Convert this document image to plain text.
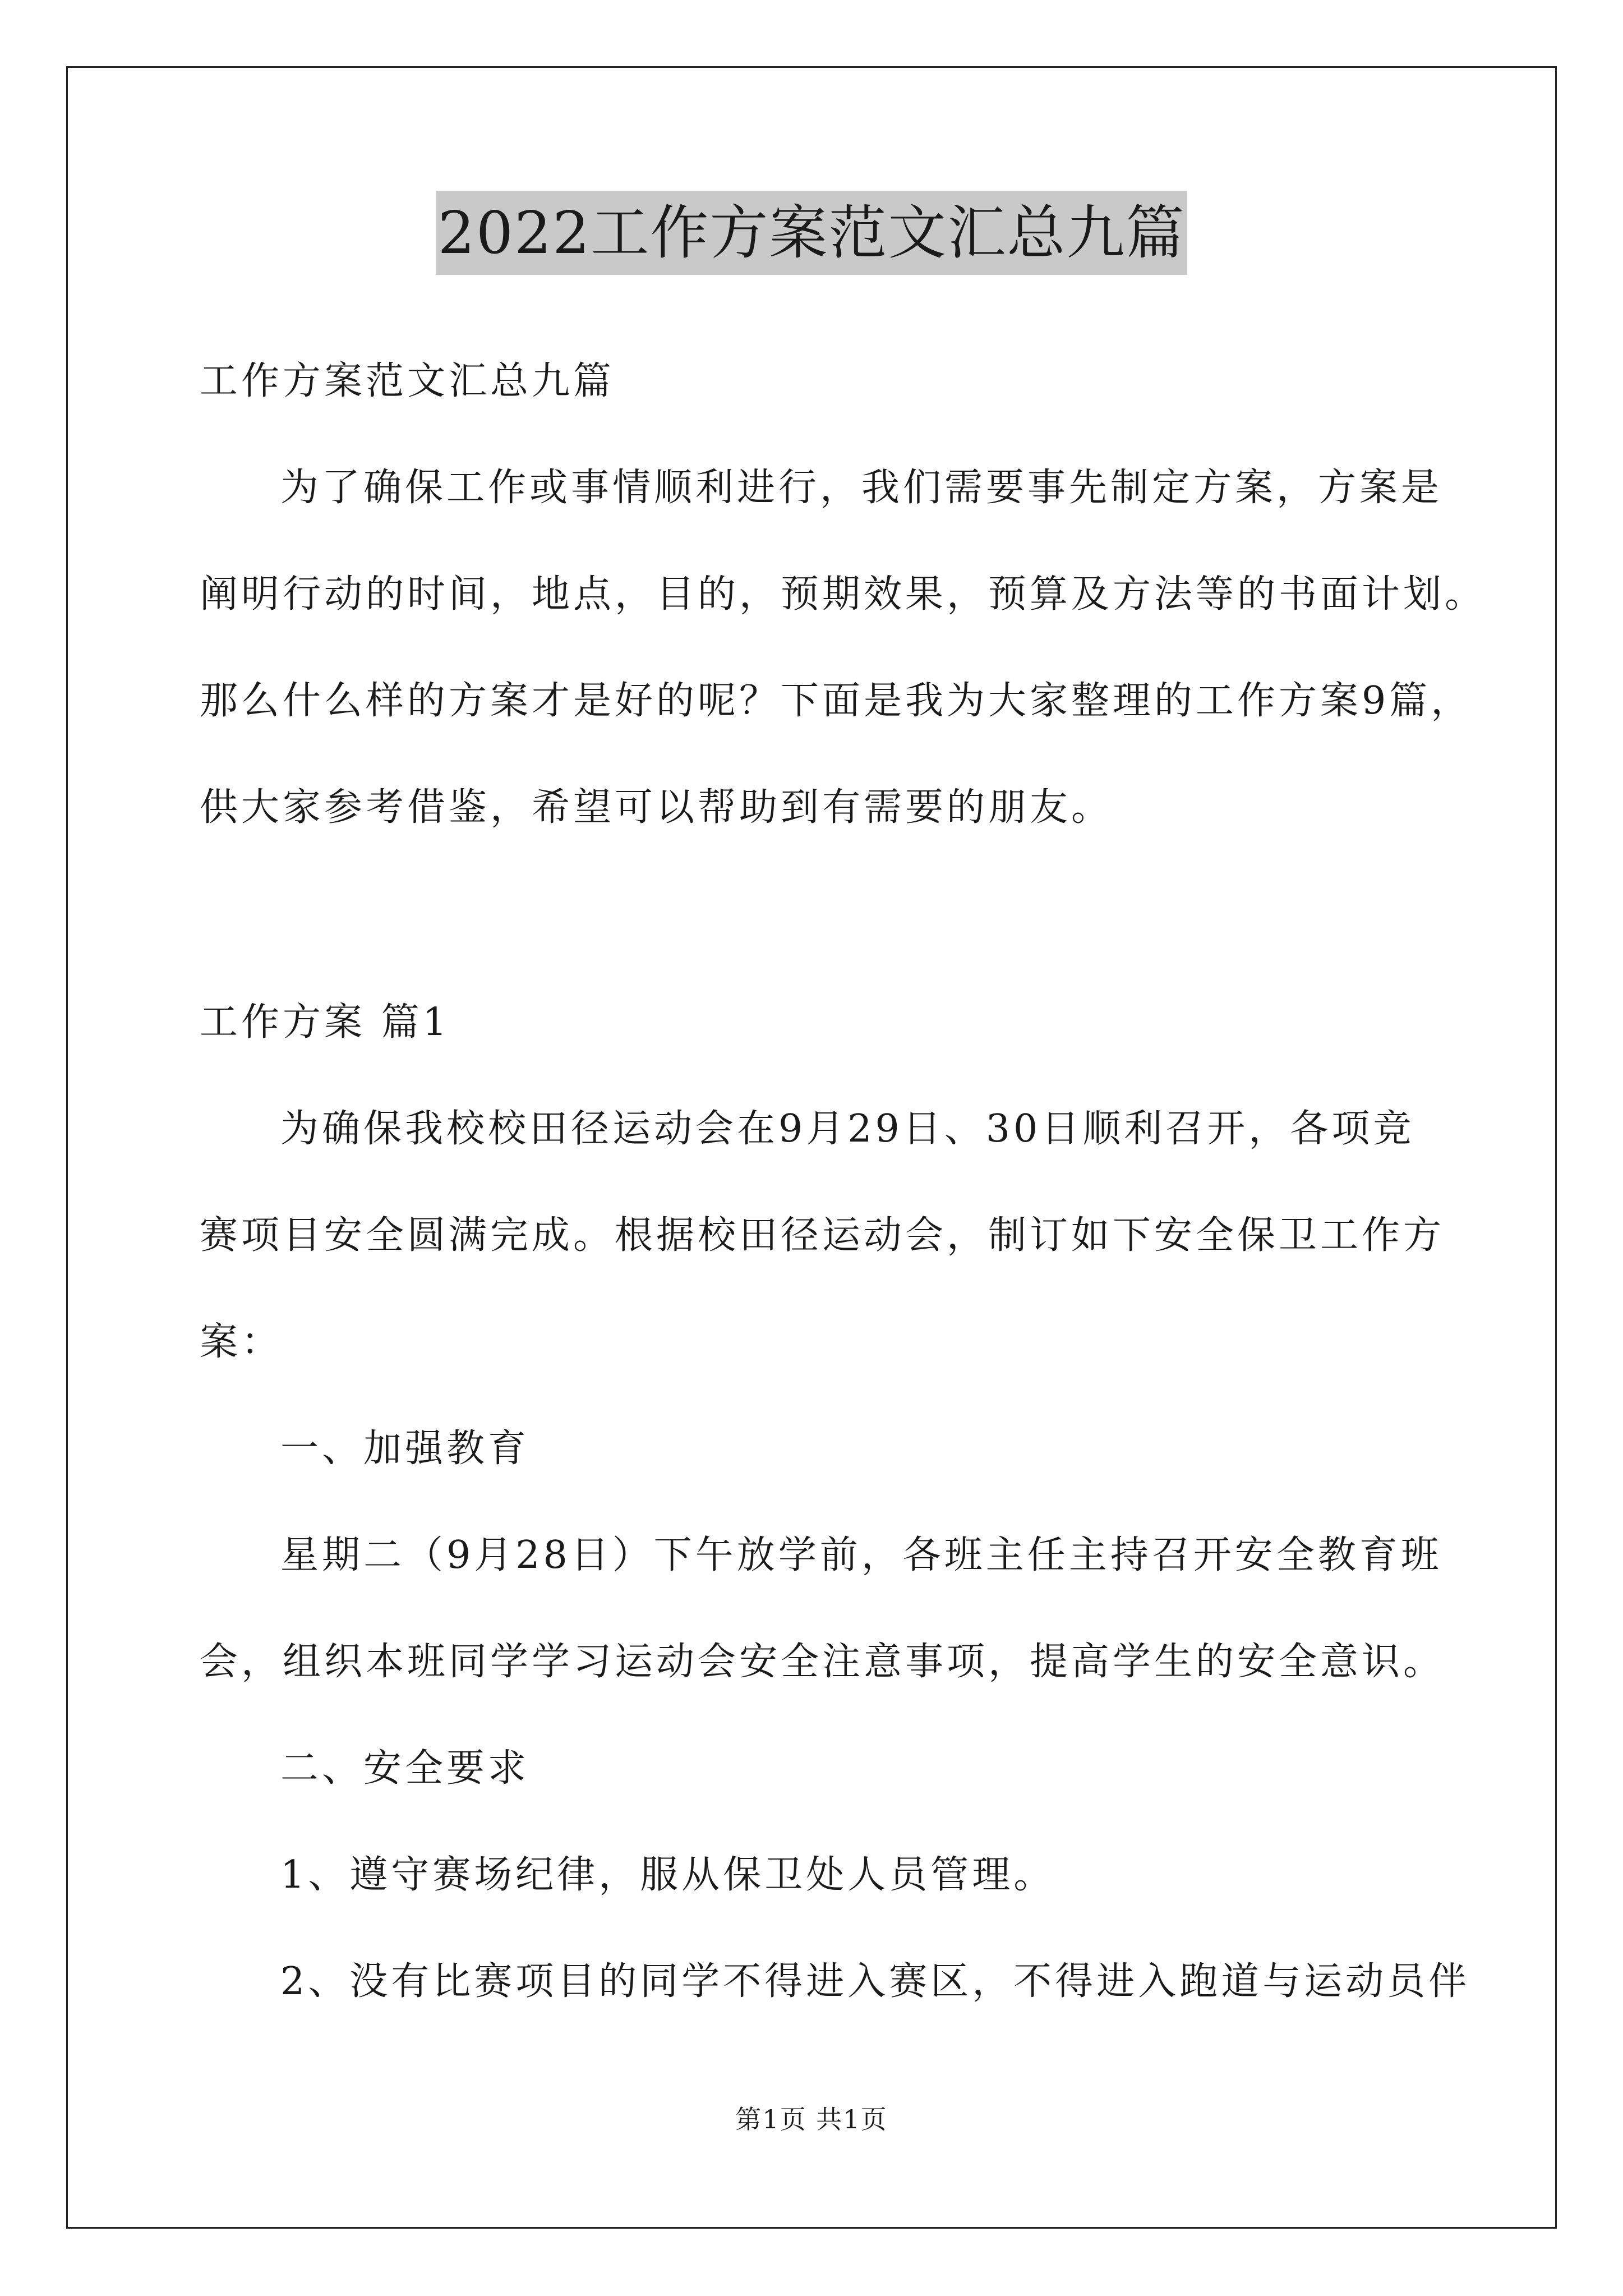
2022工作方案范文汇总九篇
工作方案范文汇总九篇
为了确保工作或事情顺利进行，我们需要事先制定方案，方案是
阐明行动的时间，地点，目的，预期效果，预算及方法等的书面计划。
那么什么样的方案才是好的呢？下面是我为大家整理的工作方案9篇，
供大家参考借鉴，希望可以帮助到有需要的朋友。
工作方案 篇1
为确保我校校田径运动会在9月29日、30日顺利召开，各项竞
赛项目安全圆满完成。根据校田径运动会，制订如下安全保卫工作方
案：
一、加强教育
星期二（9月28日）下午放学前，各班主任主持召开安全教育班
会，组织本班同学学习运动会安全注意事项，提高学生的安全意识。
二、安全要求
1、遵守赛场纪律，服从保卫处人员管理。
2、没有比赛项目的同学不得进入赛区，不得进入跑道与运动员伴
第1页 共1页
